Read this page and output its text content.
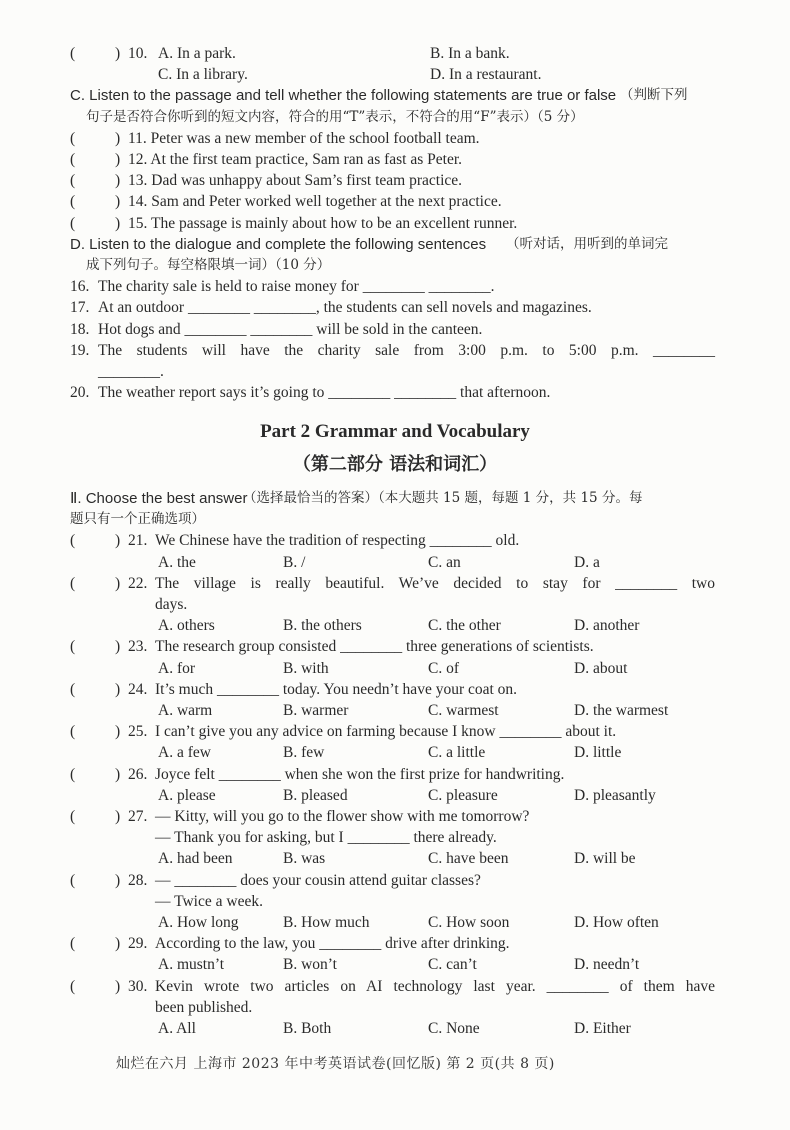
Part 2 Grammar and Vocabulary
（第二部分 语法和词汇）
灿烂在六月 上海市 2023 年中考英语试卷(回忆版) 第 2 页(共 8 页)
(	) 10. A. In a park.	B. In a bank.
C. In a library.	D. In a restaurant.
C. Listen to the passage and tell whether the following statements are true or false （判断下列
句子是否符合你听到的短文内容，符合的用“T”表示，不符合的用“F”表示）（5 分）
(	) 11. Peter was a new member of the school football team.
(	) 12. At the first team practice, Sam ran as fast as Peter.
(	) 13. Dad was unhappy about Sam’s first team practice.
(	) 14. Sam and Peter worked well together at the next practice.
(	) 15. The passage is mainly about how to be an excellent runner.
D. Listen to the dialogue and complete the following sentences （听对话，用听到的单词完
成下列句子。每空格限填一词）（10 分）
16. The charity sale is held to raise money for ________ ________.
17. At an outdoor ________ ________, the students can sell novels and magazines.
18. Hot dogs and ________ ________ will be sold in the canteen.
19. The students will have the charity sale from 3:00 p.m. to 5:00 p.m. ________
________.
20. The weather report says it’s going to ________ ________ that afternoon.
Ⅱ. Choose the best answer
（选择最恰当的答案）（本大题共 15 题，每题 1 分，共 15 分。每
题只有一个正确选项）
(	) 21. We Chinese have the tradition of respecting ________ old.
A. the	B. /	C. an	D. a
(	) 22. The village is really beautiful. We’ve decided to stay for ________ two
days.
A. others	B. the others	C. the other	D. another
(	) 23. The research group consisted ________ three generations of scientists.
A. for	B. with	C. of	D. about
(	) 24. It’s much ________ today. You needn’t have your coat on.
A. warm	B. warmer	C. warmest	D. the warmest
(	) 25. I can’t give you any advice on farming because I know ________ about it.
A. a few	B. few	C. a little	D. little
(	) 26. Joyce felt ________ when she won the first prize for handwriting.
A. please	B. pleased	C. pleasure	D. pleasantly
(	) 27. — Kitty, will you go to the flower show with me tomorrow?
— Thank you for asking, but I ________ there already.
A. had been	B. was	C. have been	D. will be
(	) 28. — ________ does your cousin attend guitar classes?
— Twice a week.
A. How long	B. How much	C. How soon	D. How often
(	) 29. According to the law, you ________ drive after drinking.
A. mustn’t	B. won’t	C. can’t	D. needn’t
(	) 30. Kevin wrote two articles on AI technology last year. ________ of them have
been published.
A. All	B. Both	C. None	D. Either
